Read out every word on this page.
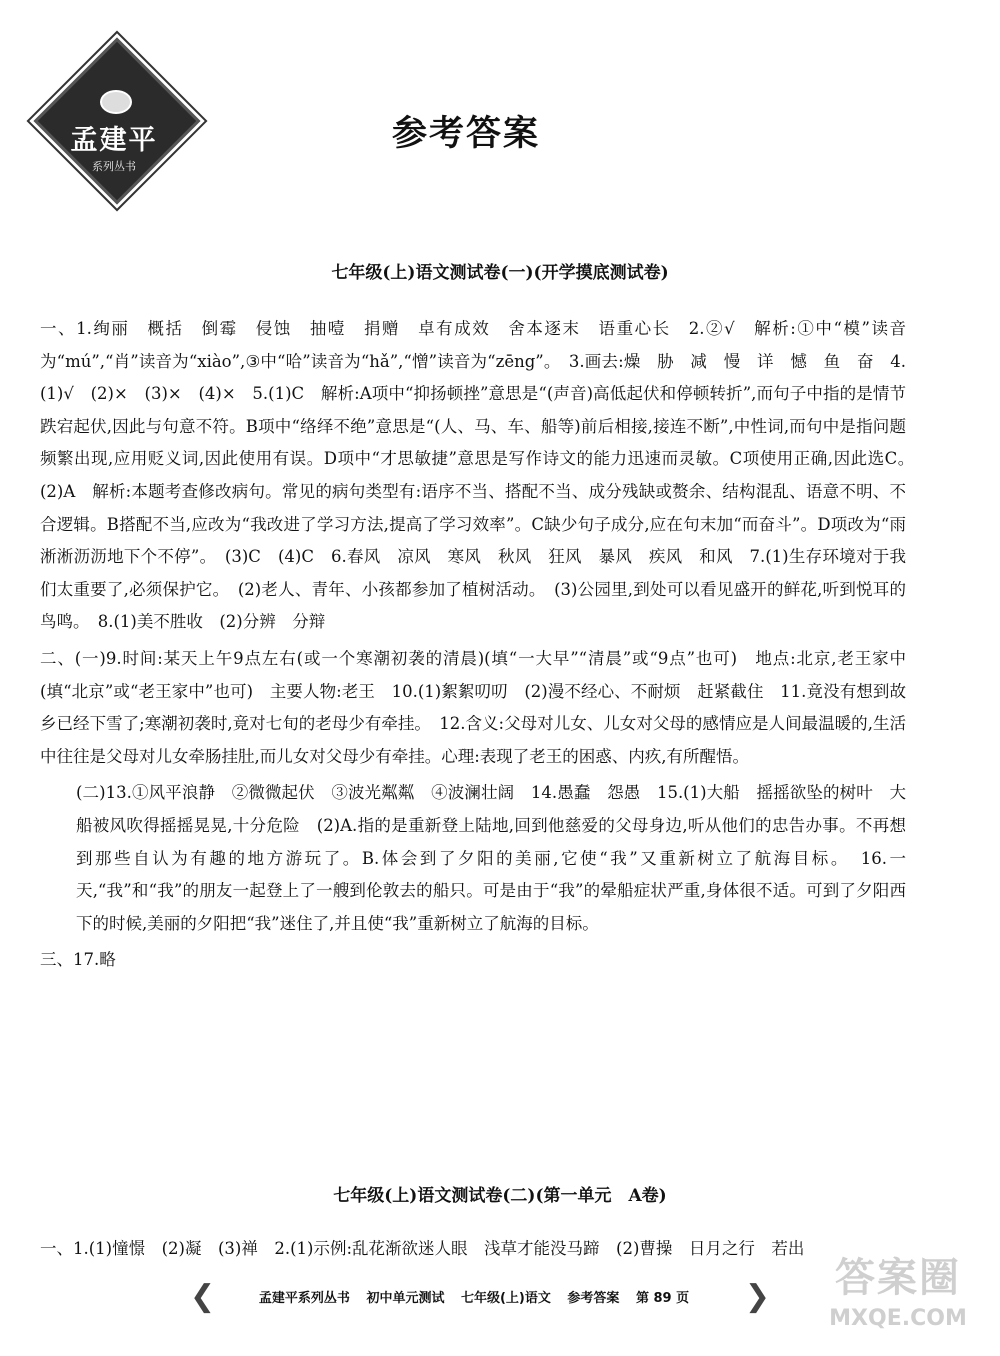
孟建平
系列丛书
参考答案
七年级(上)语文测试卷(一)(开学摸底测试卷)

一、1.绚丽　概括　倒霉　侵蚀　抽噎　捐赠　卓有成效　舍本逐末　语重心长　2.②√　解析:①中“模”读音为“mú”,“肖”读音为“xiào”,③中“哈”读音为“hǎ”,“憎”读音为“zēng”。　3.画去:燥　胁　减　慢　详　憾　鱼　奋　4.(1)√　(2)×　(3)×　(4)×　5.(1)C　解析:A项中“抑扬顿挫”意思是“(声音)高低起伏和停顿转折”,而句子中指的是情节跌宕起伏,因此与句意不符。B项中“络绎不绝”意思是“(人、马、车、船等)前后相接,接连不断”,中性词,而句中是指问题频繁出现,应用贬义词,因此使用有误。D项中“才思敏捷”意思是写作诗文的能力迅速而灵敏。C项使用正确,因此选C。　(2)A　解析:本题考查修改病句。常见的病句类型有:语序不当、搭配不当、成分残缺或赘余、结构混乱、语意不明、不合逻辑。B搭配不当,应改为“我改进了学习方法,提高了学习效率”。C缺少句子成分,应在句末加“而奋斗”。D项改为“雨淅淅沥沥地下个不停”。　(3)C　(4)C　6.春风　凉风　寒风　秋风　狂风　暴风　疾风　和风　7.(1)生存环境对于我们太重要了,必须保护它。　(2)老人、青年、小孩都参加了植树活动。　(3)公园里,到处可以看见盛开的鲜花,听到悦耳的鸟鸣。　8.(1)美不胜收　(2)分辨　分辩

二、(一)9.时间:某天上午9点左右(或一个寒潮初袭的清晨)(填“一大早”“清晨”或“9点”也可)　地点:北京,老王家中(填“北京”或“老王家中”也可)　主要人物:老王　10.(1)絮絮叨叨　(2)漫不经心、不耐烦　赶紧截住　11.竟没有想到故乡已经下雪了;寒潮初袭时,竟对七旬的老母少有牵挂。　12.含义:父母对儿女、儿女对父母的感情应是人间最温暖的,生活中往往是父母对儿女牵肠挂肚,而儿女对父母少有牵挂。心理:表现了老王的困惑、内疚,有所醒悟。

(二)13.①风平浪静　②微微起伏　③波光粼粼　④波澜壮阔　14.愚蠢　怨愚　15.(1)大船　摇摇欲坠的树叶　大船被风吹得摇摇晃晃,十分危险　(2)A.指的是重新登上陆地,回到他慈爱的父母身边,听从他们的忠告办事。不再想到那些自认为有趣的地方游玩了。B.体会到了夕阳的美丽,它使“我”又重新树立了航海目标。　16.一天,“我”和“我”的朋友一起登上了一艘到伦敦去的船只。可是由于“我”的晕船症状严重,身体很不适。可到了夕阳西下的时候,美丽的夕阳把“我”迷住了,并且使“我”重新树立了航海的目标。

三、17.略

七年级(上)语文测试卷(二)(第一单元　A卷)

一、1.(1)憧憬　(2)凝　(3)禅　2.(1)示例:乱花渐欲迷人眼　浅草才能没马蹄　(2)曹操　日月之行　若出

❮	孟建平系列丛书 初中单元测试 七年级(上)语文 参考答案 第 89 页	❯	答案圈
MXQE.COM
